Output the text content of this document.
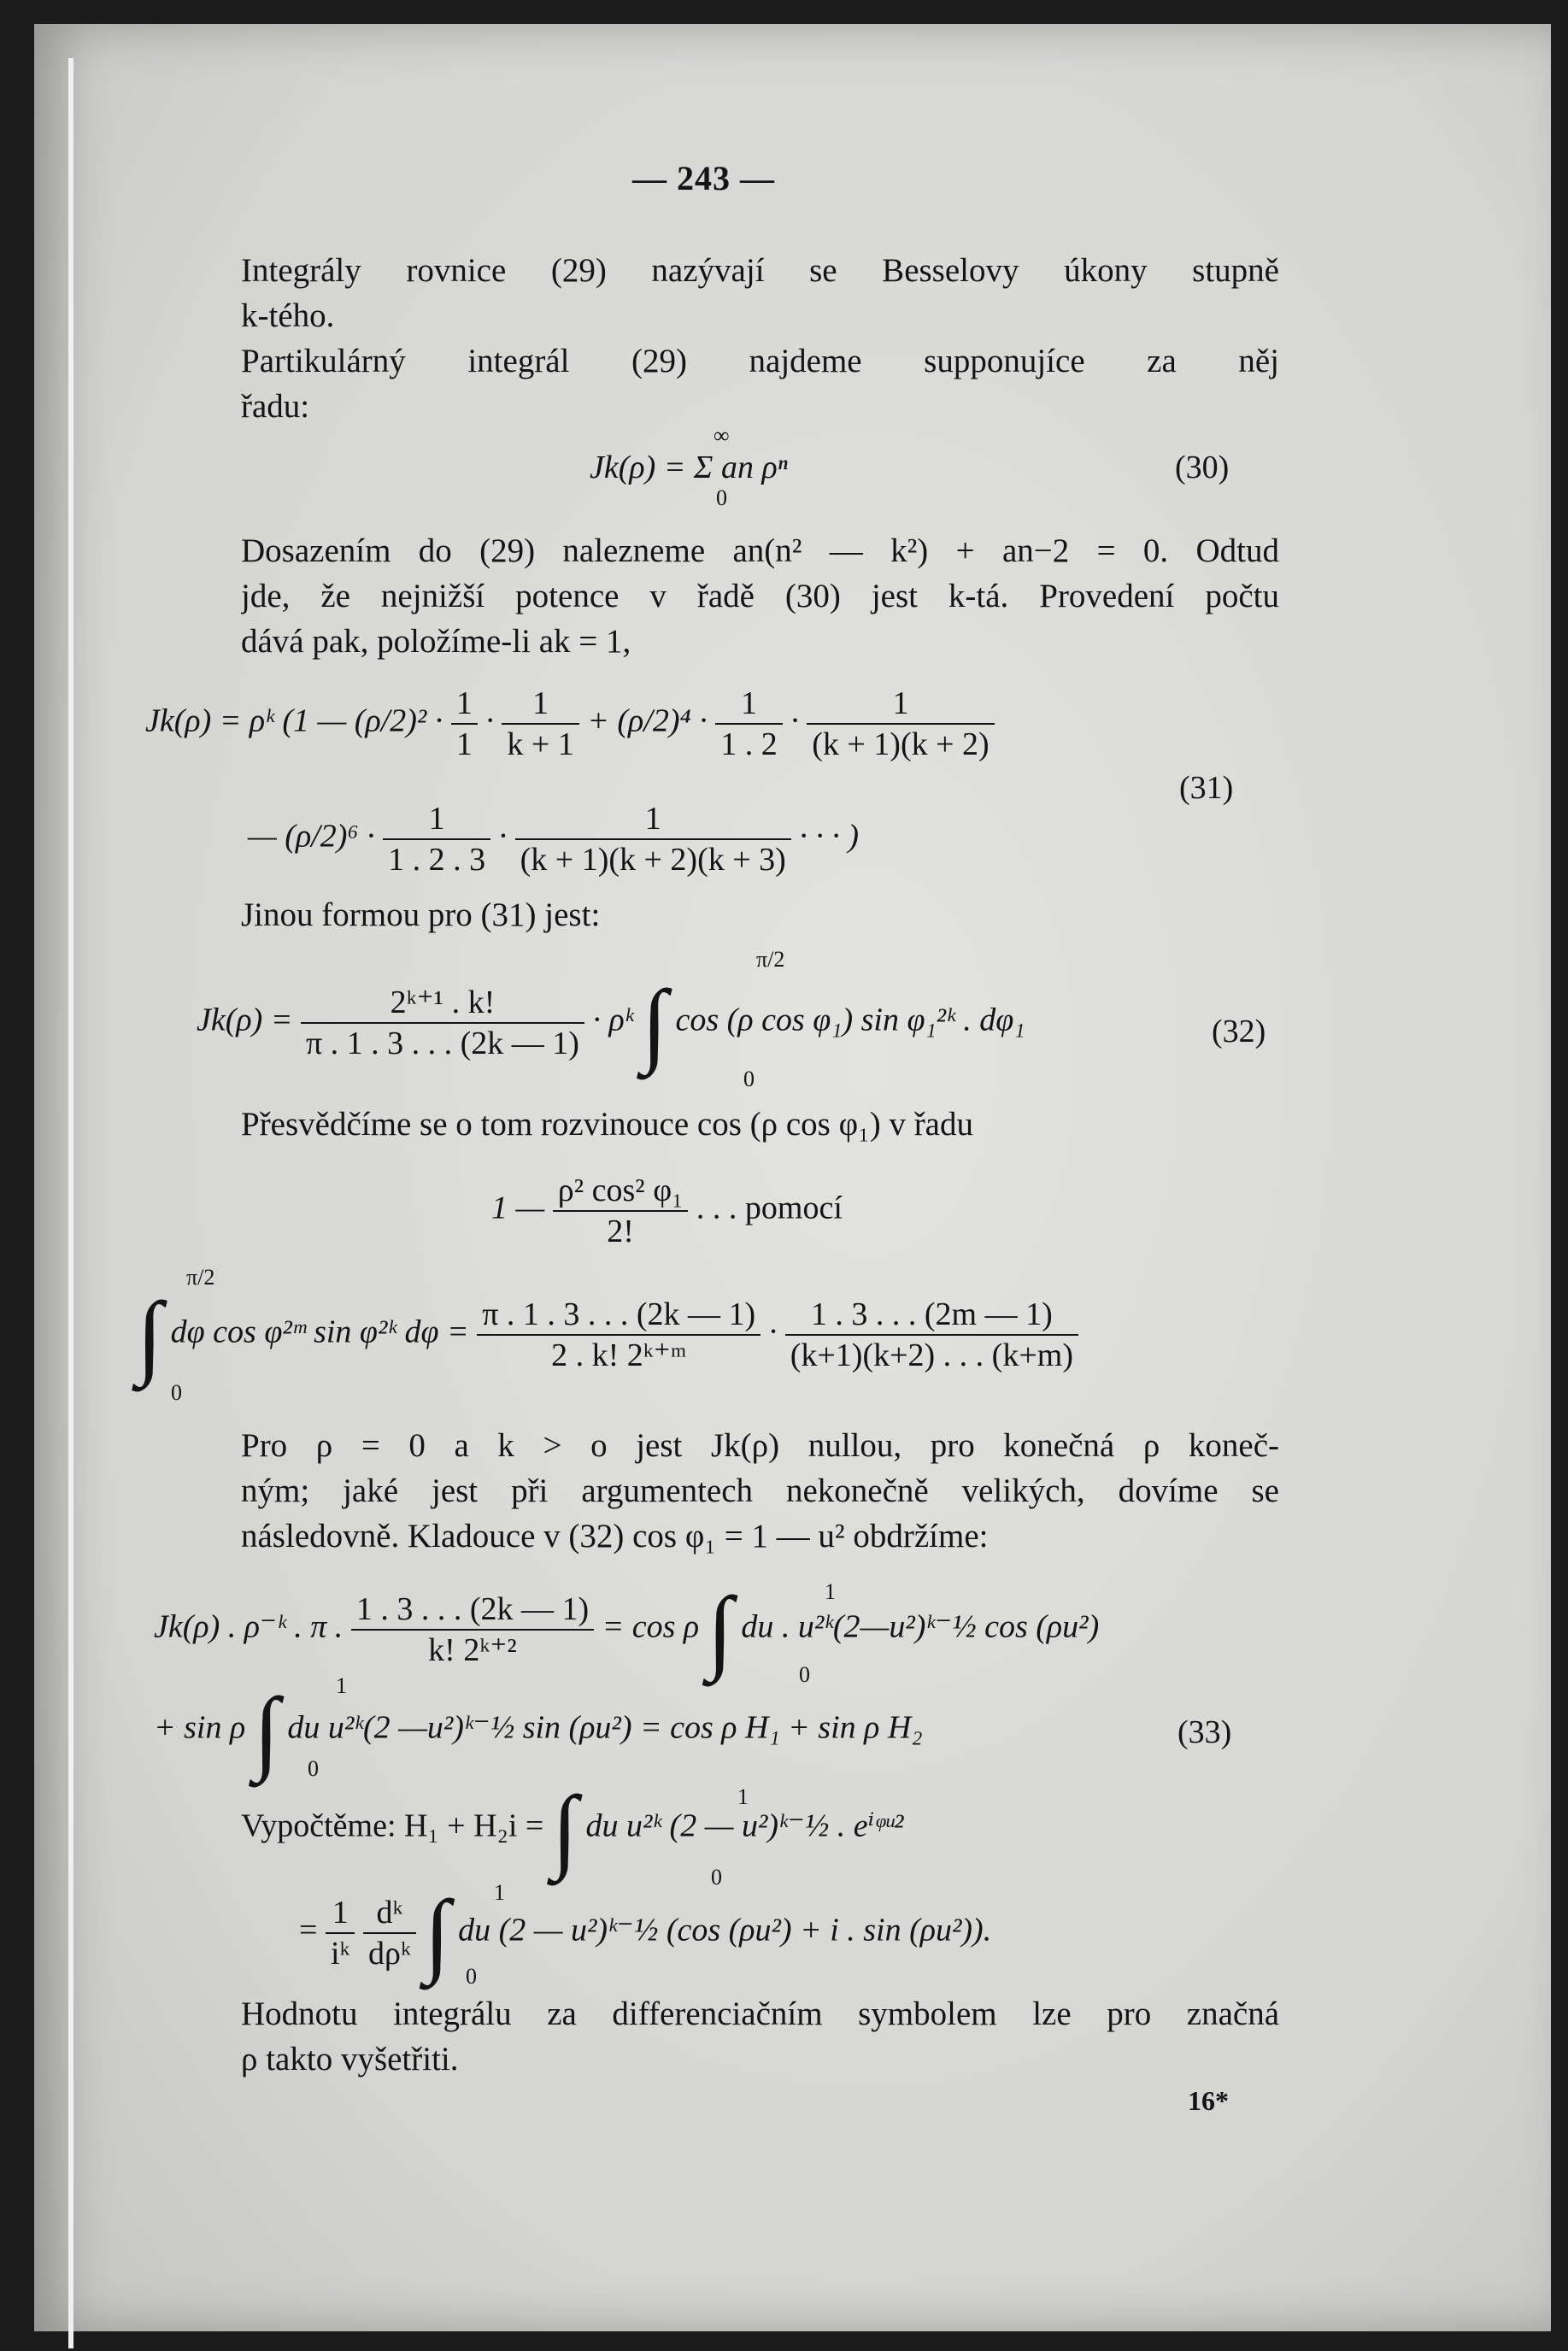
— 243 —
Integrály rovnice (29) nazývají se Besselovy úkony stupně
k-tého.
Partikulárný integrál (29) najdeme supponujíce za něj
řadu:
Jk(ρ) = Σ an ρⁿ
∞
0
(30)
Dosazením do (29) nalezneme an(n² — k²) + an−2 = 0. Odtud
jde, že nejnižší potence v řadě (30) jest k-tá. Provedení počtu
dává pak, položíme-li ak = 1,
Jk(ρ) = ρᵏ (1 — $(\rho/2)^2 \cdot \frac{1}{1} \cdot \frac{1}{k + 1} + (\rho/2)^4 \cdot \frac{1}{1 . 2} \cdot \frac{1}{(k + 1)(k + 2)}$
— $(\rho/2)^6 \cdot \frac{1}{1 . 2 . 3} \cdot \frac{1}{(k + 1)(k + 2)(k + 3)}$ · · · )
(31)
Jinou formou pro (31) jest:
$Jk(\rho) = \frac{\text{2ᵏ⁺¹ . k!}}{\pi . 1 . 3 . . . (2k — 1)}$ · ρᵏ ∫ cos (ρ cos φ₁) sin φ₁²ᵏ . dφ₁
π/2
0
(32)
Přesvědčíme se o tom rozvinouce cos (ρ cos φ₁) v řadu
1 — $\frac{\text{ρ² cos² φ₁}}{2!}$ . . . pomocí
∫ dφ cos φ²ᵐ sin φ²ᵏ $d\varphi = \frac{\pi . 1 . 3 . . . (2k — 1)}{\text{2 . k! 2ᵏ⁺ᵐ}} \cdot \frac{1 . 3 . . . (2m — 1)}{(k+1)(k+2) . . . (k+m)}$
π/2
0
Pro ρ = 0 a k > o jest Jk(ρ) nullou, pro konečná ρ koneč-
ným; jaké jest při argumentech nekonečně velikých, dovíme se
následovně. Kladouce v (32) cos φ₁ = 1 — u² obdržíme:
Jk(ρ) . ρ⁻ᵏ . π . $\frac{1 . 3 . . . (2k — 1)}{\text{k! 2ᵏ⁺²}} = \cos \rho$ ∫ du . u²ᵏ(2—u²)ᵏ⁻½ cos (ρu²)
1
0
+ sin ρ ∫ du u²ᵏ(2 —u²)ᵏ⁻½ sin (ρu²) = cos ρ H₁ + sin ρ H₂
1
0
(33)
Vypočtěme: H₁ + H₂i = ∫ du u²ᵏ (2 — u²)ᵏ⁻½ . eⁱᵠᵘ²
1
0
= $\frac{1}{\text{iᵏ}}$
$\frac{\text{dᵏ}}{\text{dρᵏ}}$ ∫ du (2 — u²)ᵏ⁻½ (cos (ρu²) + i . sin (ρu²)).
1
0
Hodnotu integrálu za differenciačním symbolem lze pro značná
ρ takto vyšetřiti.
16*
